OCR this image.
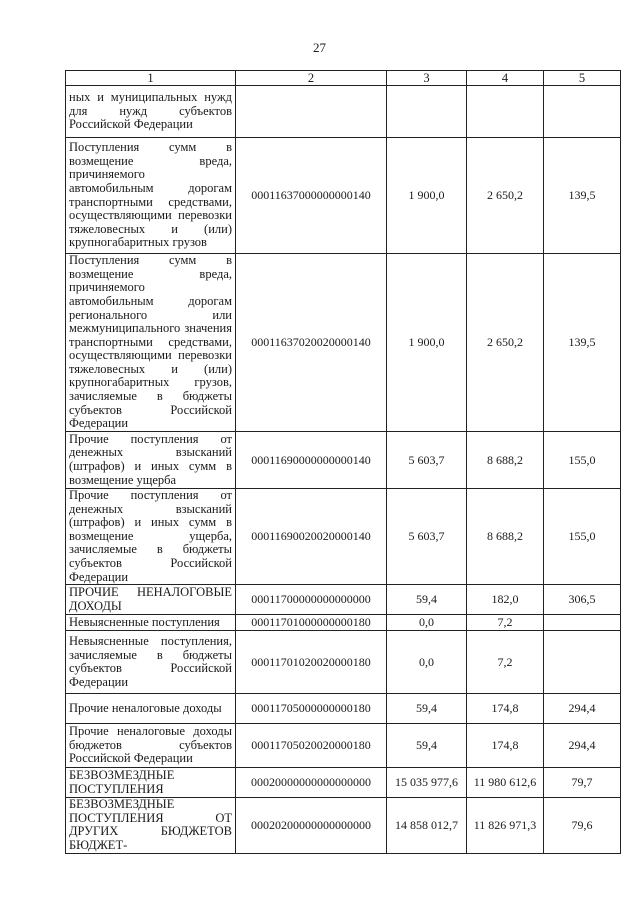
27
1	2	3	4	5
ных и муниципальных нужд для нужд субъектов Российской Федерации				
Поступления сумм в возмещение вреда, причиняемого автомобильным дорогам транспортными средствами, осуществляющими перевозки тяжеловесных и (или) крупногабаритных грузов	00011637000000000140	1 900,0	2 650,2	139,5
Поступления сумм в возмещение вреда, причиняемого автомобильным дорогам регионального или межмуниципального значения транспортными средствами, осуществляющими перевозки тяжеловесных и (или) крупногабаритных грузов, зачисляемые в бюджеты субъектов Российской Федерации	00011637020020000140	1 900,0	2 650,2	139,5
Прочие поступления от денежных взысканий (штрафов) и иных сумм в возмещение ущерба	00011690000000000140	5 603,7	8 688,2	155,0
Прочие поступления от денежных взысканий (штрафов) и иных сумм в возмещение ущерба, зачисляемые в бюджеты субъектов Российской Федерации	00011690020020000140	5 603,7	8 688,2	155,0
ПРОЧИЕ НЕНАЛОГОВЫЕ ДОХОДЫ	00011700000000000000	59,4	182,0	306,5
Невыясненные поступления	00011701000000000180	0,0	7,2	
Невыясненные поступления, зачисляемые в бюджеты субъектов Российской Федерации	00011701020020000180	0,0	7,2	
Прочие неналоговые доходы	00011705000000000180	59,4	174,8	294,4
Прочие неналоговые доходы бюджетов субъектов Российской Федерации	00011705020020000180	59,4	174,8	294,4
БЕЗВОЗМЕЗДНЫЕ ПОСТУПЛЕНИЯ	00020000000000000000	15 035 977,6	11 980 612,6	79,7
БЕЗВОЗМЕЗДНЫЕ ПОСТУПЛЕНИЯ ОТ ДРУГИХ БЮДЖЕТОВ БЮДЖЕТ-	00020200000000000000	14 858 012,7	11 826 971,3	79,6
